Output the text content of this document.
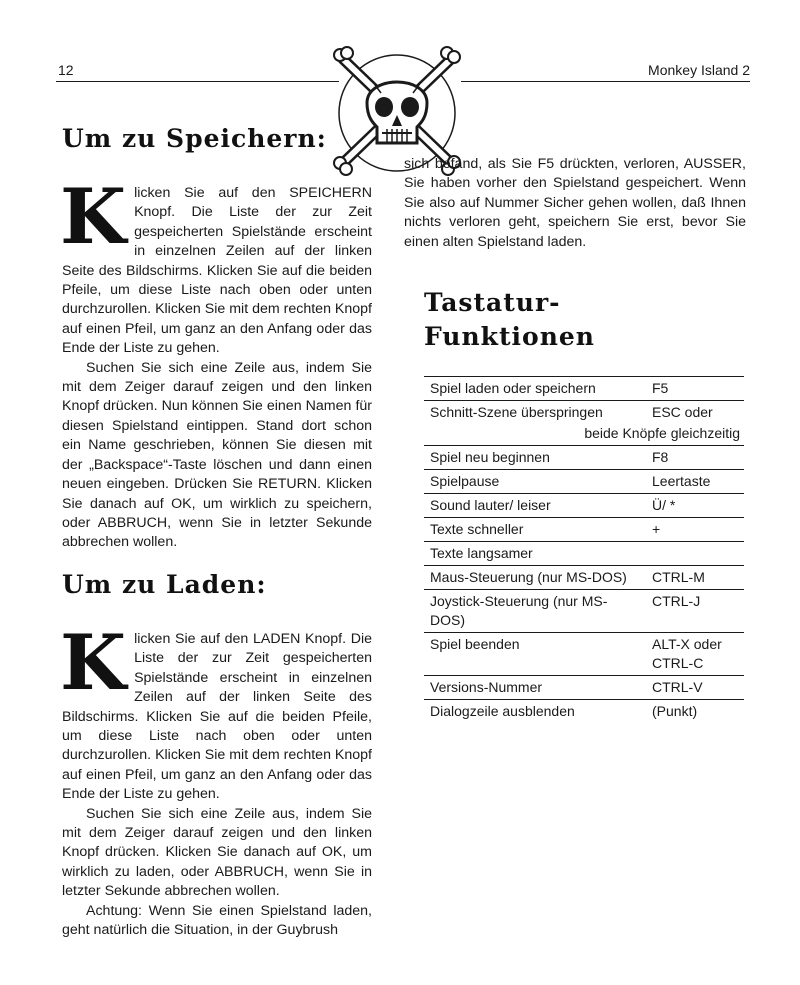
12	Monkey Island 2
Um zu Speichern:

Klicken Sie auf den SPEICHERN Knopf. Die Liste der zur Zeit gespeicherten Spielstände erscheint in einzelnen Zeilen auf der linken Seite des Bildschirms. Klicken Sie auf die beiden Pfeile, um diese Liste nach oben oder unten durchzurollen. Klicken Sie mit dem rechten Knopf auf einen Pfeil, um ganz an den Anfang oder das Ende der Liste zu gehen.

Suchen Sie sich eine Zeile aus, indem Sie mit dem Zeiger darauf zeigen und den linken Knopf drücken. Nun können Sie einen Namen für diesen Spielstand eintippen. Stand dort schon ein Name geschrieben, können Sie diesen mit der „Backspace“-Taste löschen und dann einen neuen eingeben. Drücken Sie RETURN. Klicken Sie danach auf OK, um wirklich zu speichern, oder ABBRUCH, wenn Sie in letzter Sekunde abbrechen wollen.

Um zu Laden:

Klicken Sie auf den LADEN Knopf. Die Liste der zur Zeit gespeicherten Spielstände erscheint in einzelnen Zeilen auf der linken Seite des Bildschirms. Klicken Sie auf die beiden Pfeile, um diese Liste nach oben oder unten durchzurollen. Klicken Sie mit dem rechten Knopf auf einen Pfeil, um ganz an den Anfang oder das Ende der Liste zu gehen.

Suchen Sie sich eine Zeile aus, indem Sie mit dem Zeiger darauf zeigen und den linken Knopf drücken. Klicken Sie danach auf OK, um wirklich zu laden, oder ABBRUCH, wenn Sie in letzter Sekunde abbrechen wollen.

Achtung: Wenn Sie einen Spielstand laden, geht natürlich die Situation, in der Guybrush

sich befand, als Sie F5 drückten, verloren, AUSSER, Sie haben vorher den Spielstand gespeichert. Wenn Sie also auf Nummer Sicher gehen wollen, daß Ihnen nichts verloren geht, speichern Sie erst, bevor Sie einen alten Spielstand laden.

Tastatur-
Funktionen
Spiel laden oder speichern	F5
Schnitt-Szene überspringen	ESC oder
beide Knöpfe gleichzeitig	
Spiel neu beginnen	F8
Spielpause	Leertaste
Sound lauter/ leiser	Ü/ *
Texte schneller	+
Texte langsamer	
Maus-Steuerung (nur MS-DOS)	CTRL-M
Joystick-Steuerung (nur MS-DOS)	CTRL-J
Spiel beenden	ALT-X oder
CTRL-C
Versions-Nummer	CTRL-V
Dialogzeile ausblenden	(Punkt)
